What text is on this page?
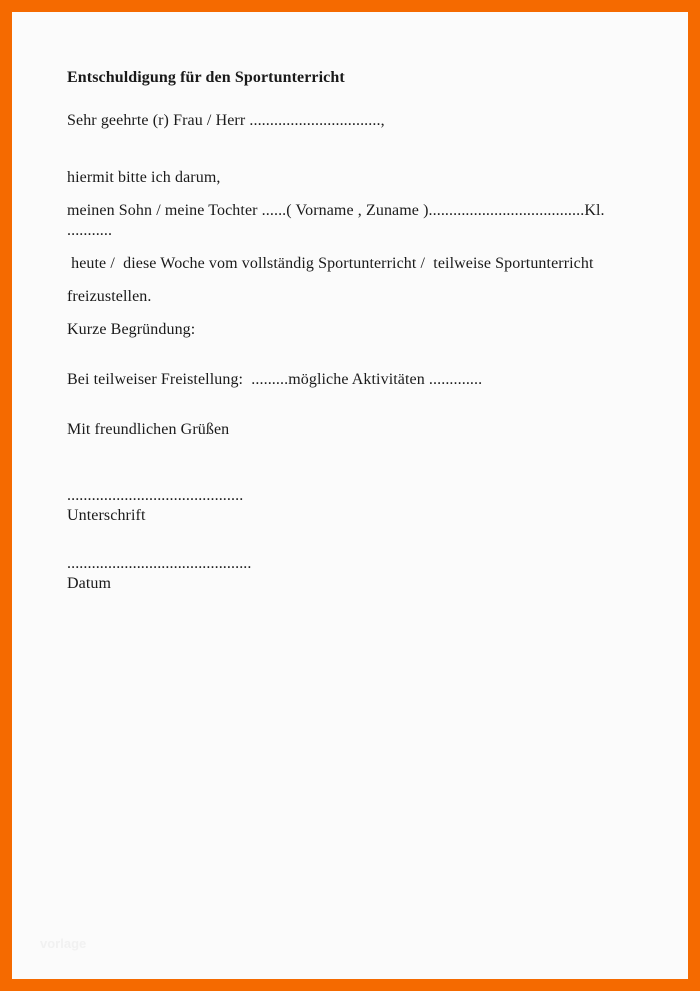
Entschuldigung für den Sportunterricht

Sehr geehrte (r) Frau / Herr ................................,

hiermit bitte ich darum,

meinen Sohn / meine Tochter ......( Vorname , Zuname )......................................Kl. ...........

heute /  diese Woche vom vollständig Sportunterricht /  teilweise Sportunterricht

freizustellen.

Kurze Begründung:

Bei teilweiser Freistellung:  .........mögliche Aktivitäten .............

Mit freundlichen Grüßen

...........................................

Unterschrift

.............................................

Datum

vorlage
